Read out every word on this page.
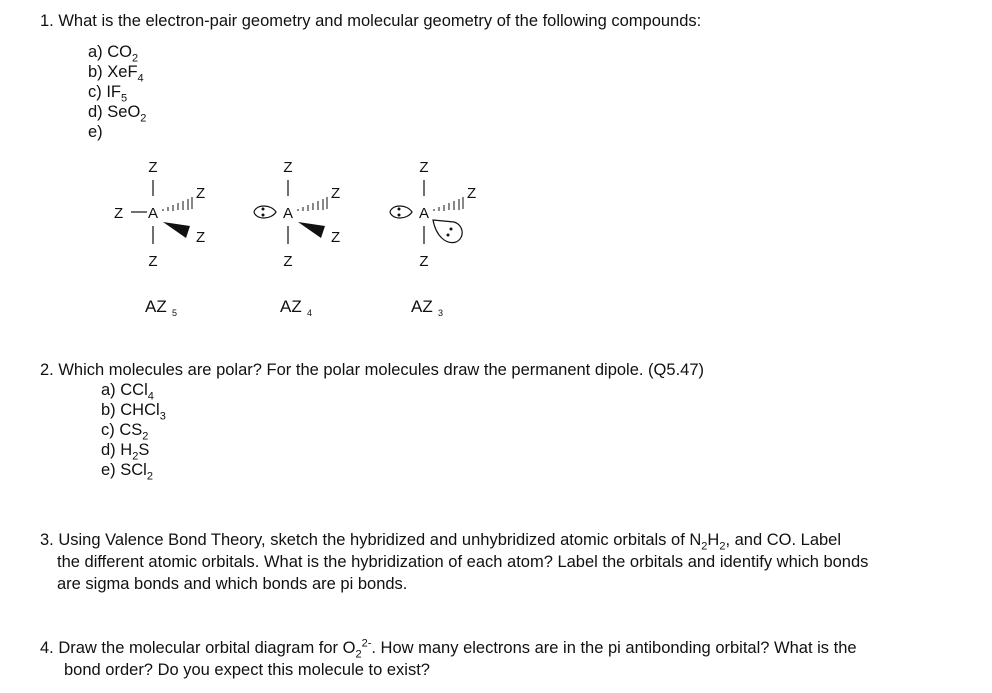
1. What is the electron-pair geometry and molecular geometry of the following compounds:
a) $CO_2$
b) XeF$_4$
c) $IF_5$
d) SeO$_2$
e)
Z
Z A
Z
Z
Z
AZ 5
Z
A
Z
Z
Z
AZ 4
Z
A
Z
Z
AZ 3
2. Which molecules are polar? For the polar molecules draw the permanent dipole. (Q5.47)
a) CCl$_4$
b) CHCl$_3$
c) $CS_2$
d) $H_2S$
e) SCl$_2$
3. Using Valence Bond Theory, sketch the hybridized and unhybridized atomic orbitals of $N_2H_2$, and CO. Label
the different atomic orbitals. What is the hybridization of each atom? Label the orbitals and identify which bonds
are sigma bonds and which bonds are pi bonds.
4. Draw the molecular orbital diagram for $O_2^{2-}$. How many electrons are in the pi antibonding orbital? What is the
bond order? Do you expect this molecule to exist?
